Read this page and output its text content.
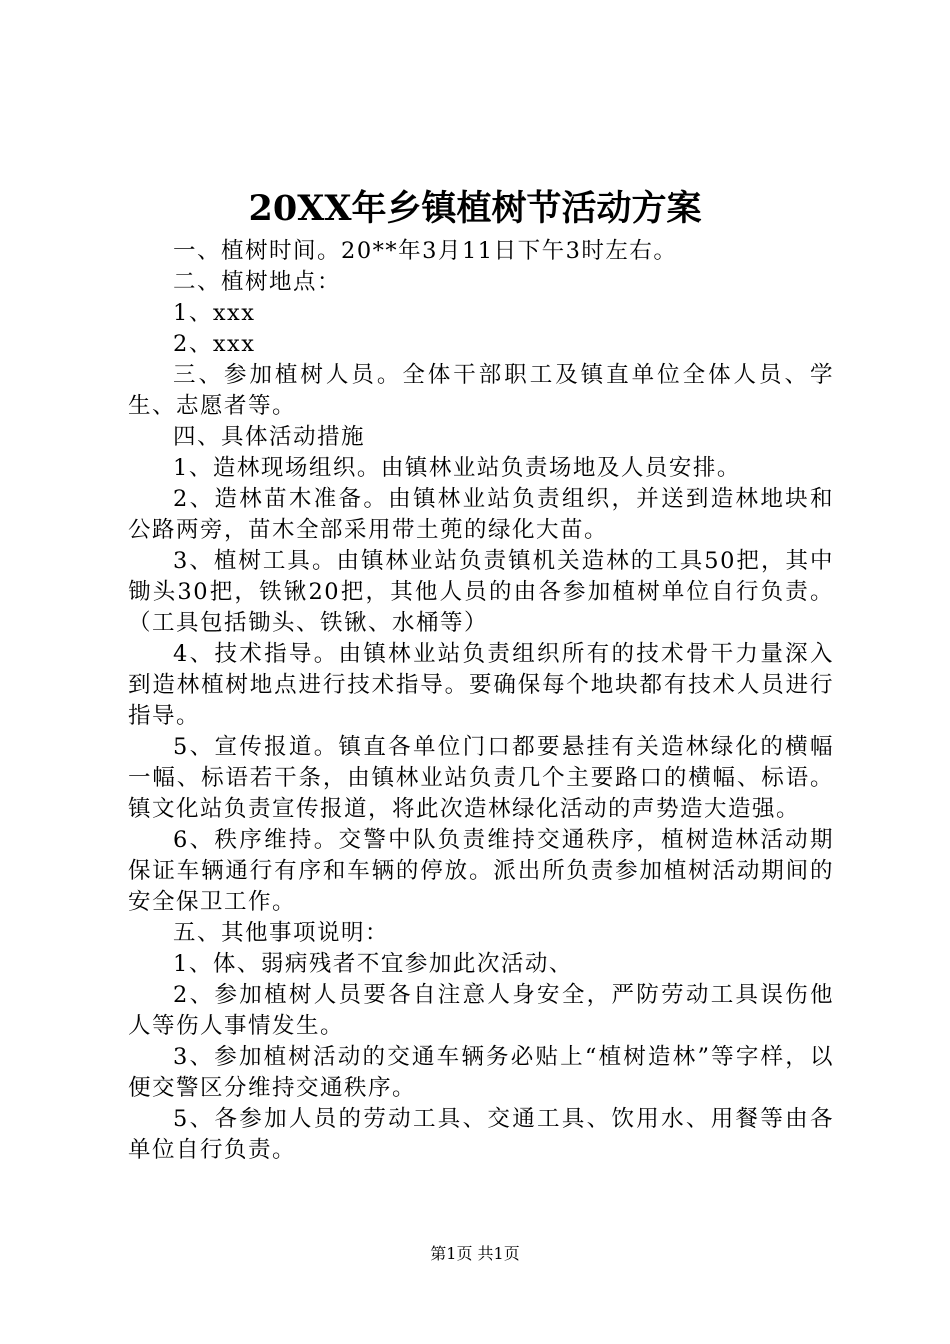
20XX年乡镇植树节活动方案

一、植树时间。20**年3月11日下午3时左右。

二、植树地点：

1、xxx

2、xxx

三、参加植树人员。全体干部职工及镇直单位全体人员、学生、志愿者等。

四、具体活动措施

1、造林现场组织。由镇林业站负责场地及人员安排。

2、造林苗木准备。由镇林业站负责组织，并送到造林地块和公路两旁，苗木全部采用带土蔸的绿化大苗。

3、植树工具。由镇林业站负责镇机关造林的工具50把，其中锄头30把，铁锹20把，其他人员的由各参加植树单位自行负责。（工具包括锄头、铁锹、水桶等）

4、技术指导。由镇林业站负责组织所有的技术骨干力量深入到造林植树地点进行技术指导。要确保每个地块都有技术人员进行指导。

5、宣传报道。镇直各单位门口都要悬挂有关造林绿化的横幅一幅、标语若干条，由镇林业站负责几个主要路口的横幅、标语。镇文化站负责宣传报道，将此次造林绿化活动的声势造大造强。

6、秩序维持。交警中队负责维持交通秩序，植树造林活动期保证车辆通行有序和车辆的停放。派出所负责参加植树活动期间的安全保卫工作。

五、其他事项说明：

1、体、弱病残者不宜参加此次活动、

2、参加植树人员要各自注意人身安全，严防劳动工具误伤他人等伤人事情发生。

3、参加植树活动的交通车辆务必贴上“植树造林”等字样，以便交警区分维持交通秩序。

5、各参加人员的劳动工具、交通工具、饮用水、用餐等由各单位自行负责。

第1页 共1页
